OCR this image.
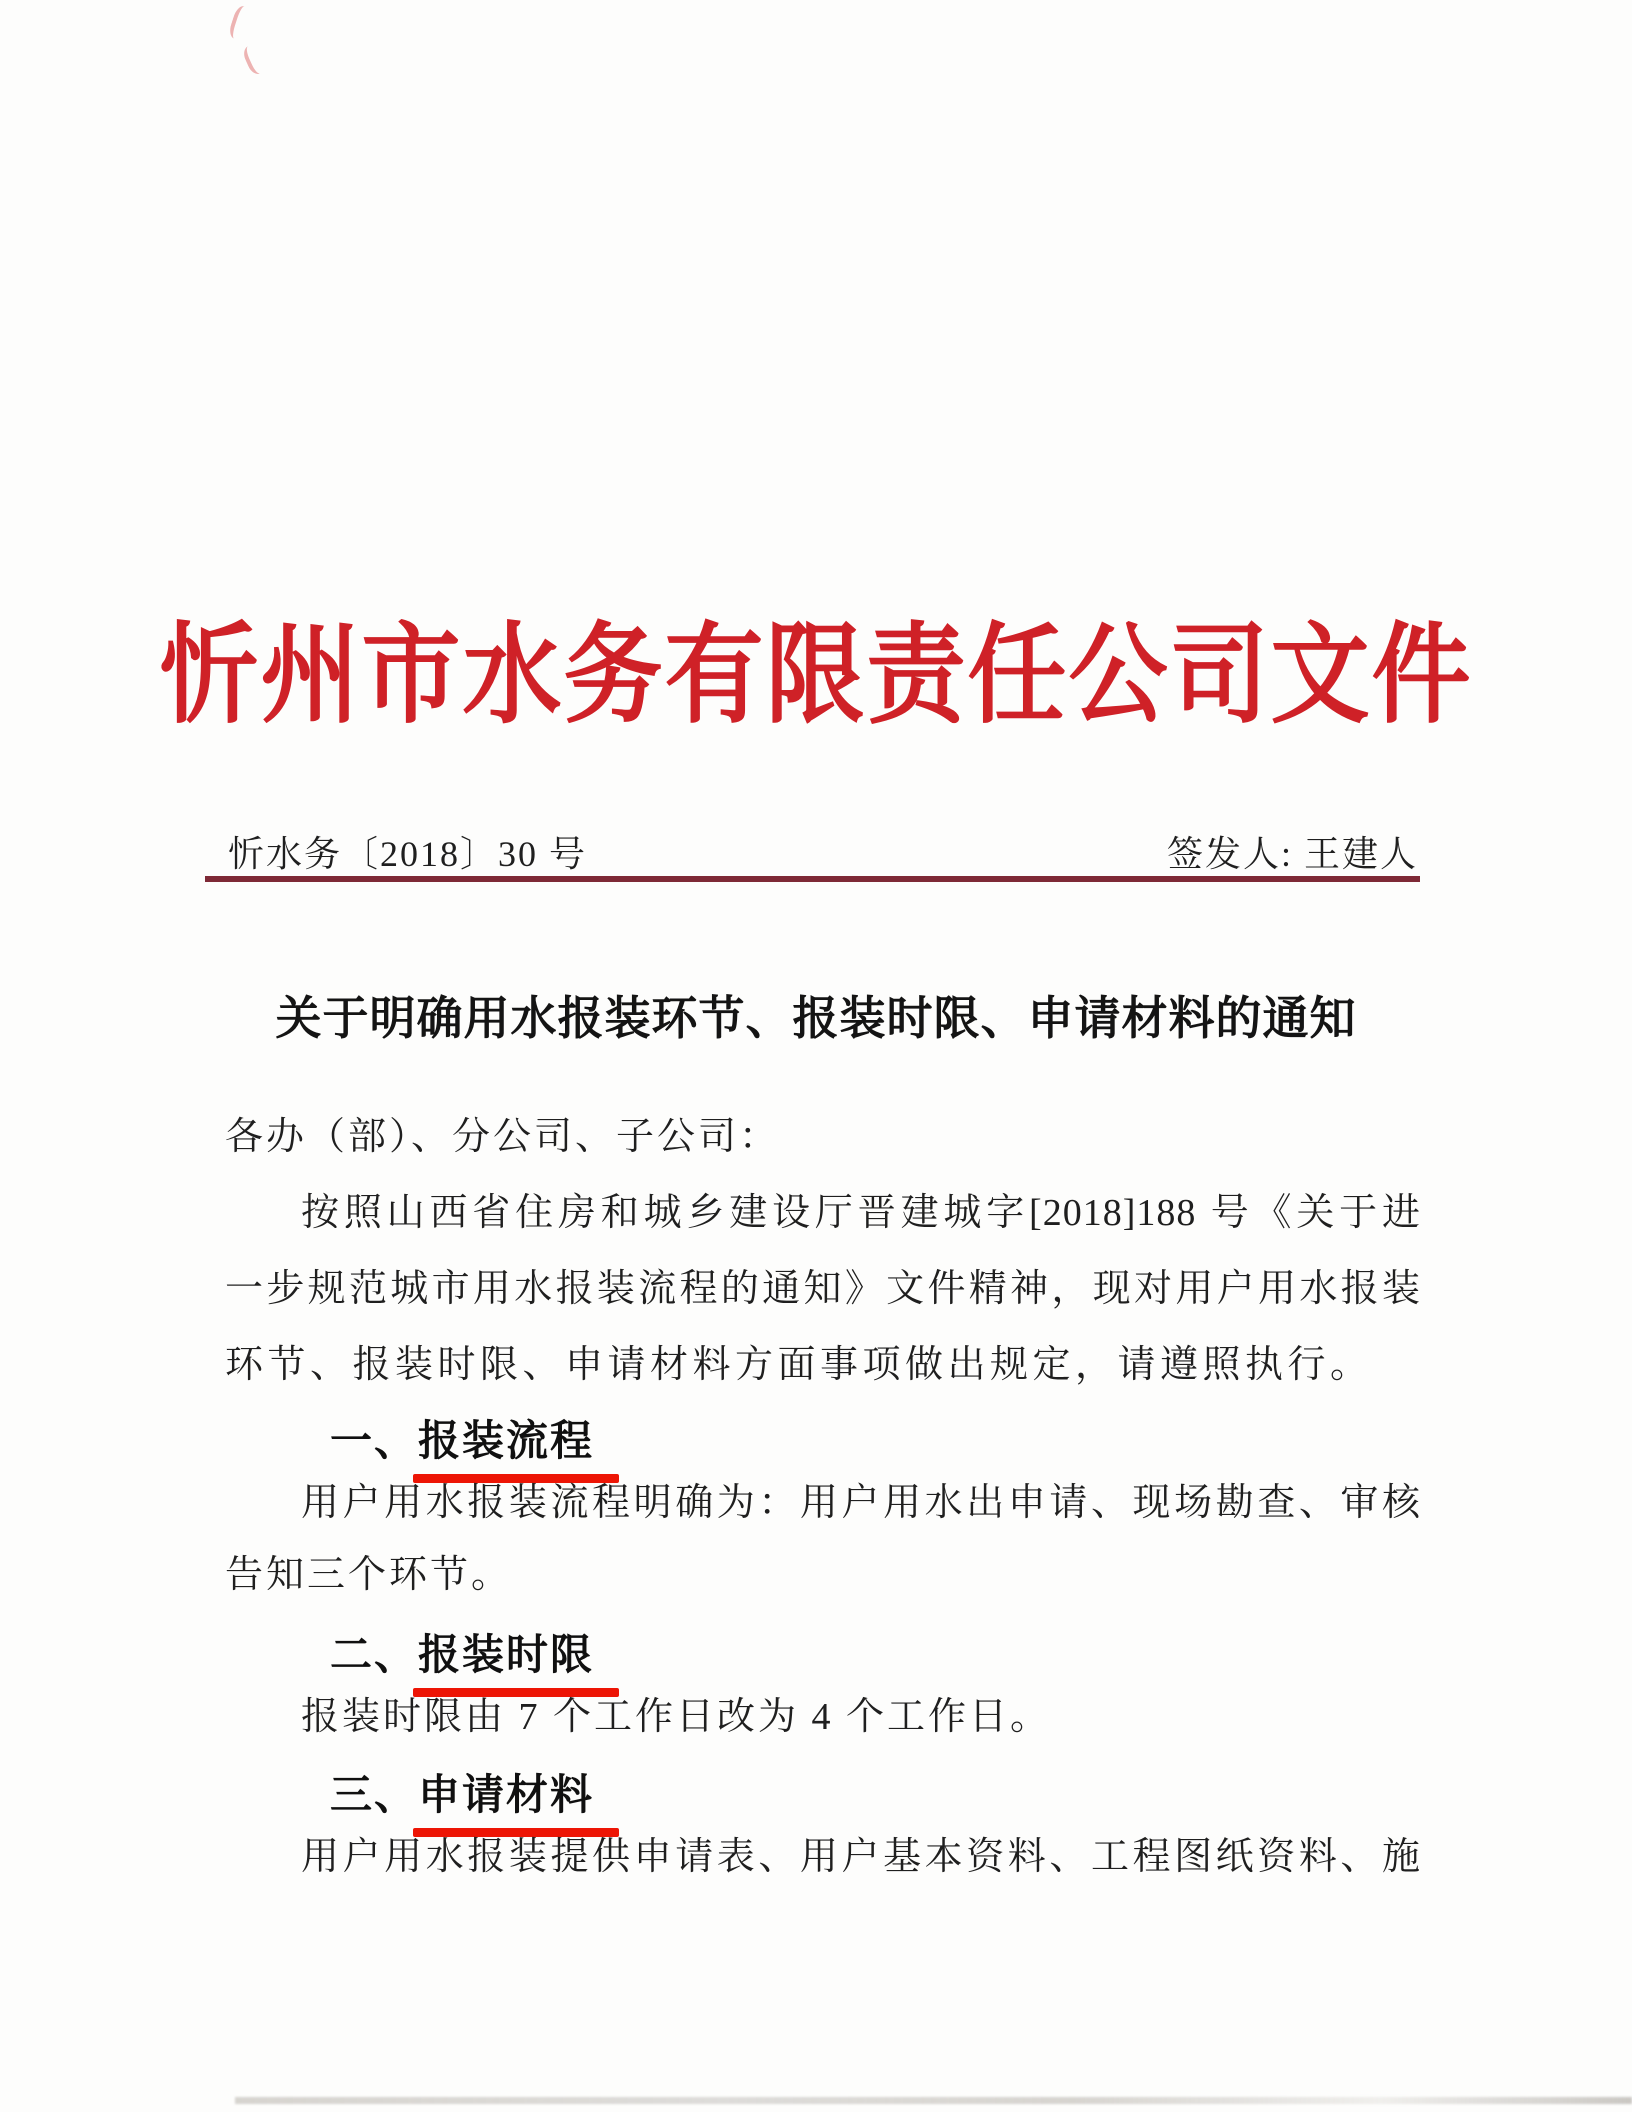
忻州市水务有限责任公司文件
忻水务〔2018〕30 号	签发人: 王建人
关于明确用水报装环节、报装时限、申请材料的通知
各办（部）、分公司、子公司：
按照山西省住房和城乡建设厅晋建城字[2018]188 号《关于进
一步规范城市用水报装流程的通知》文件精神，现对用户用水报装
环节、报装时限、申请材料方面事项做出规定，请遵照执行。
一、报装流程
用户用水报装流程明确为：用户用水出申请、现场勘查、审核
告知三个环节。
二、报装时限
报装时限由 7 个工作日改为 4 个工作日。
三、申请材料
用户用水报装提供申请表、用户基本资料、工程图纸资料、施
